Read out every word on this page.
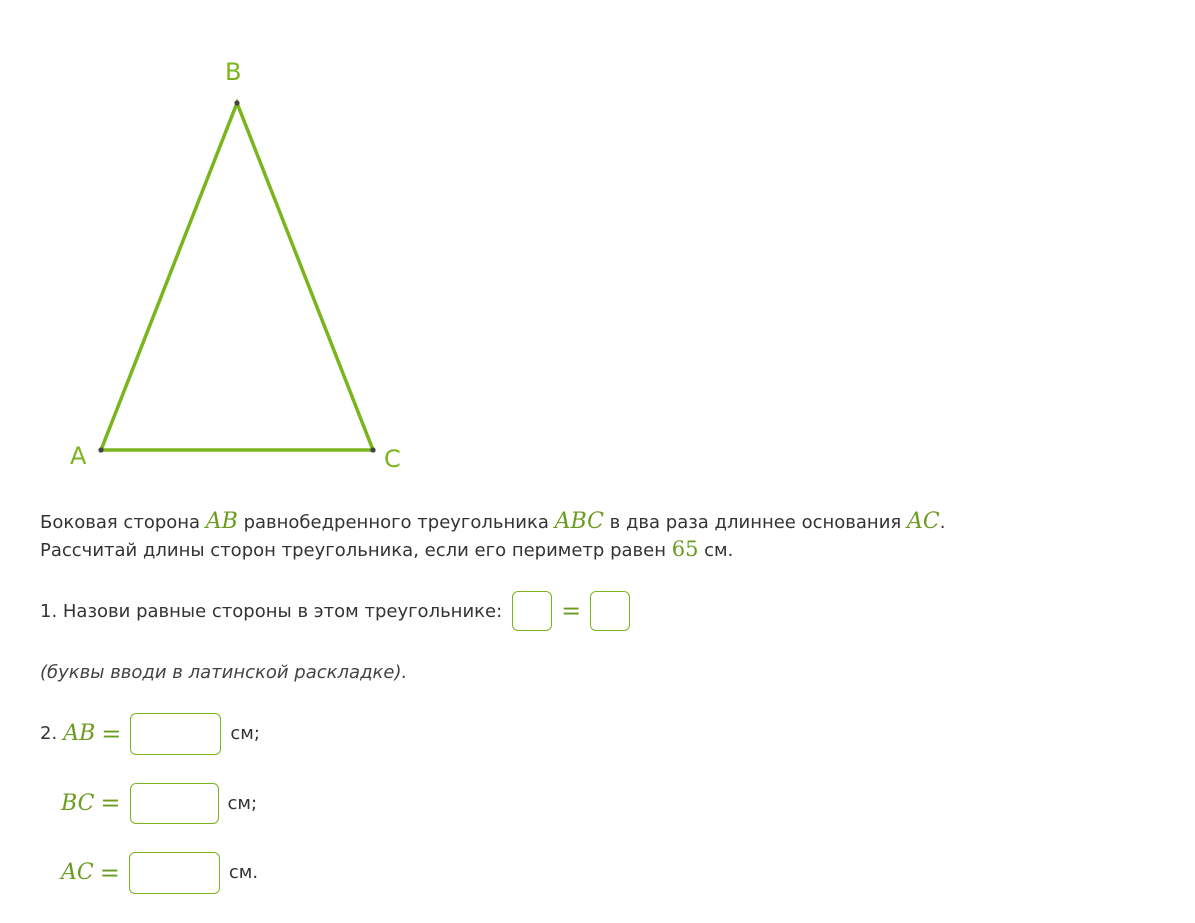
B
A	C
Боковая сторона AB равнобедренного треугольника ABC в два раза длиннее основания AC.
Рассчитай длины сторон треугольника, если его периметр равен 65 см.
1. Назови равные стороны в этом треугольнике: =
(буквы вводи в латинской раскладке).
2. AB =	см;
BC =	см;
AC =	см.
